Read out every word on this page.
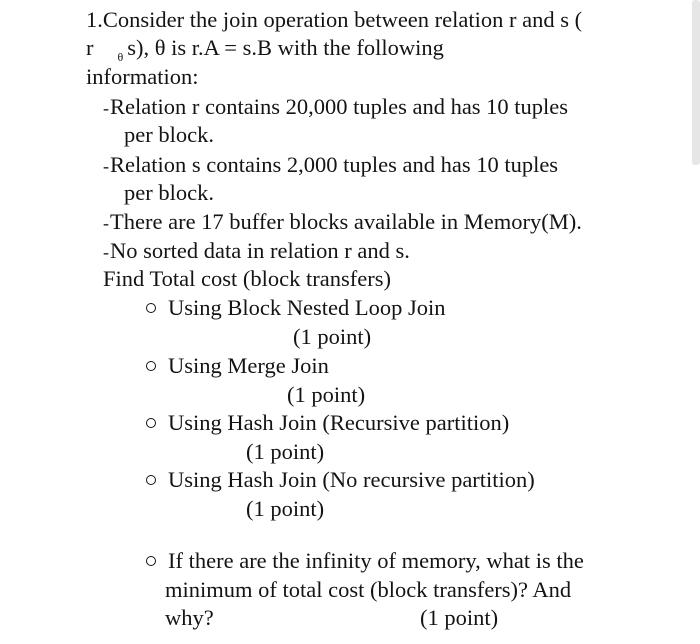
1.Consider the join operation between relation r and s (
r $_\theta$ s), θ is r.A = s.B with the following
information:
-Relation r contains 20,000 tuples and has 10 tuples
per block.
-Relation s contains 2,000 tuples and has 10 tuples
per block.
-There are 17 buffer blocks available in Memory(M).
-No sorted data in relation r and s.
Find Total cost (block transfers)
Using Block Nested Loop Join
(1 point)
Using Merge Join
(1 point)
Using Hash Join (Recursive partition)
(1 point)
Using Hash Join (No recursive partition)
(1 point)
If there are the infinity of memory, what is the
minimum of total cost (block transfers)? And
why?	(1 point)
